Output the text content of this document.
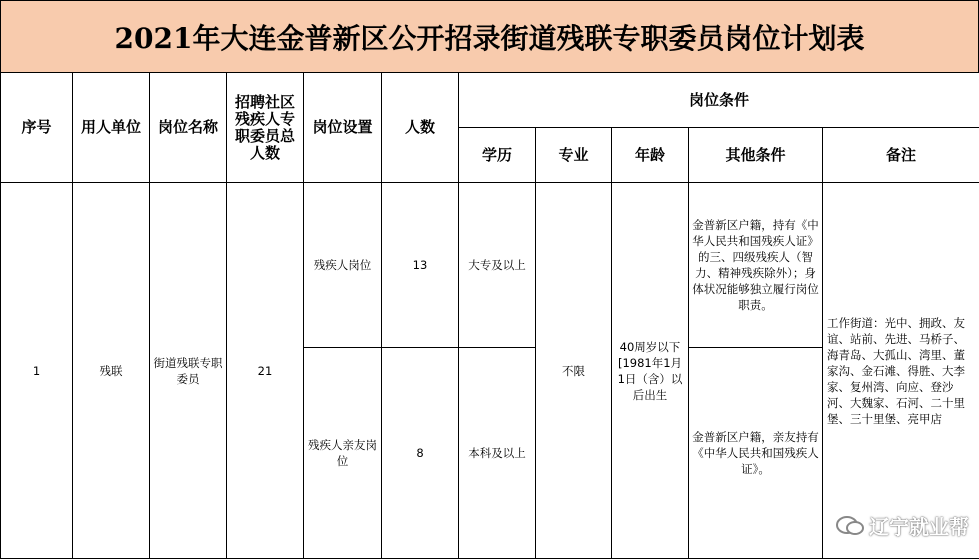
2021年大连金普新区公开招录街道残联专职委员岗位计划表
序号	用人单位	岗位名称	招聘社区残疾人专职委员总人数	岗位设置	人数	岗位条件				
						学历	专业	年龄	其他条件	备注
1	残联	街道残联专职委员	21	残疾人岗位	13	大专及以上	不限	40周岁以下[1981年1月1日（含）以后出生	金普新区户籍，持有《中华人民共和国残疾人证》的三、四级残疾人（智力、精神残疾除外）；身体状况能够独立履行岗位职责。	工作街道：光中、拥政、友谊、站前、先进、马桥子、海青岛、大孤山、湾里、董家沟、金石滩、得胜、大李家、复州湾、向应、登沙河、大魏家、石河、二十里堡、三十里堡、亮甲店
				残疾人亲友岗位	8	本科及以上			金普新区户籍，亲友持有《中华人民共和国残疾人证》。	
辽宁就业帮
